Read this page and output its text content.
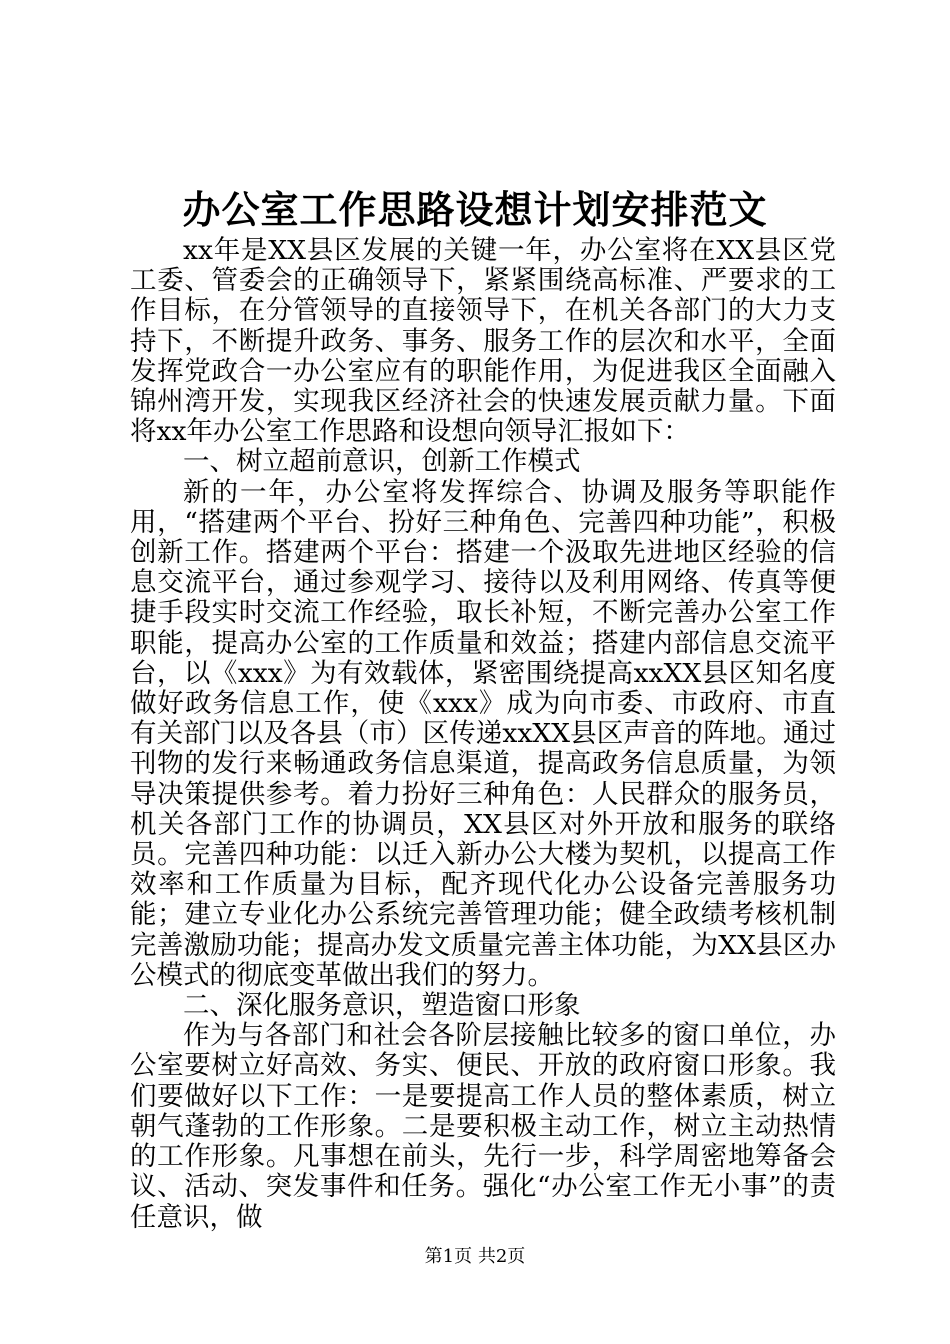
办公室工作思路设想计划安排范文

xx年是XX县区发展的关键一年，办公室将在XX县区党工委、管委会的正确领导下，紧紧围绕高标准、严要求的工作目标，在分管领导的直接领导下，在机关各部门的大力支持下，不断提升政务、事务、服务工作的层次和水平，全面发挥党政合一办公室应有的职能作用，为促进我区全面融入锦州湾开发，实现我区经济社会的快速发展贡献力量。下面将xx年办公室工作思路和设想向领导汇报如下：

一、树立超前意识，创新工作模式

新的一年，办公室将发挥综合、协调及服务等职能作用，“搭建两个平台、扮好三种角色、完善四种功能”，积极创新工作。搭建两个平台：搭建一个汲取先进地区经验的信息交流平台，通过参观学习、接待以及利用网络、传真等便捷手段实时交流工作经验，取长补短，不断完善办公室工作职能，提高办公室的工作质量和效益；搭建内部信息交流平台，以《xxx》为有效载体，紧密围绕提高xxXX县区知名度做好政务信息工作，使《xxx》成为向市委、市政府、市直有关部门以及各县（市）区传递xxXX县区声音的阵地。通过刊物的发行来畅通政务信息渠道，提高政务信息质量，为领导决策提供参考。着力扮好三种角色：人民群众的服务员，机关各部门工作的协调员，XX县区对外开放和服务的联络员。完善四种功能：以迁入新办公大楼为契机，以提高工作效率和工作质量为目标，配齐现代化办公设备完善服务功能；建立专业化办公系统完善管理功能；健全政绩考核机制完善激励功能；提高办发文质量完善主体功能，为XX县区办公模式的彻底变革做出我们的努力。

二、深化服务意识，塑造窗口形象

作为与各部门和社会各阶层接触比较多的窗口单位，办公室要树立好高效、务实、便民、开放的政府窗口形象。我们要做好以下工作：一是要提高工作人员的整体素质，树立朝气蓬勃的工作形象。二是要积极主动工作，树立主动热情的工作形象。凡事想在前头，先行一步，科学周密地筹备会议、活动、突发事件和任务。强化“办公室工作无小事”的责任意识，做

第1页 共2页
